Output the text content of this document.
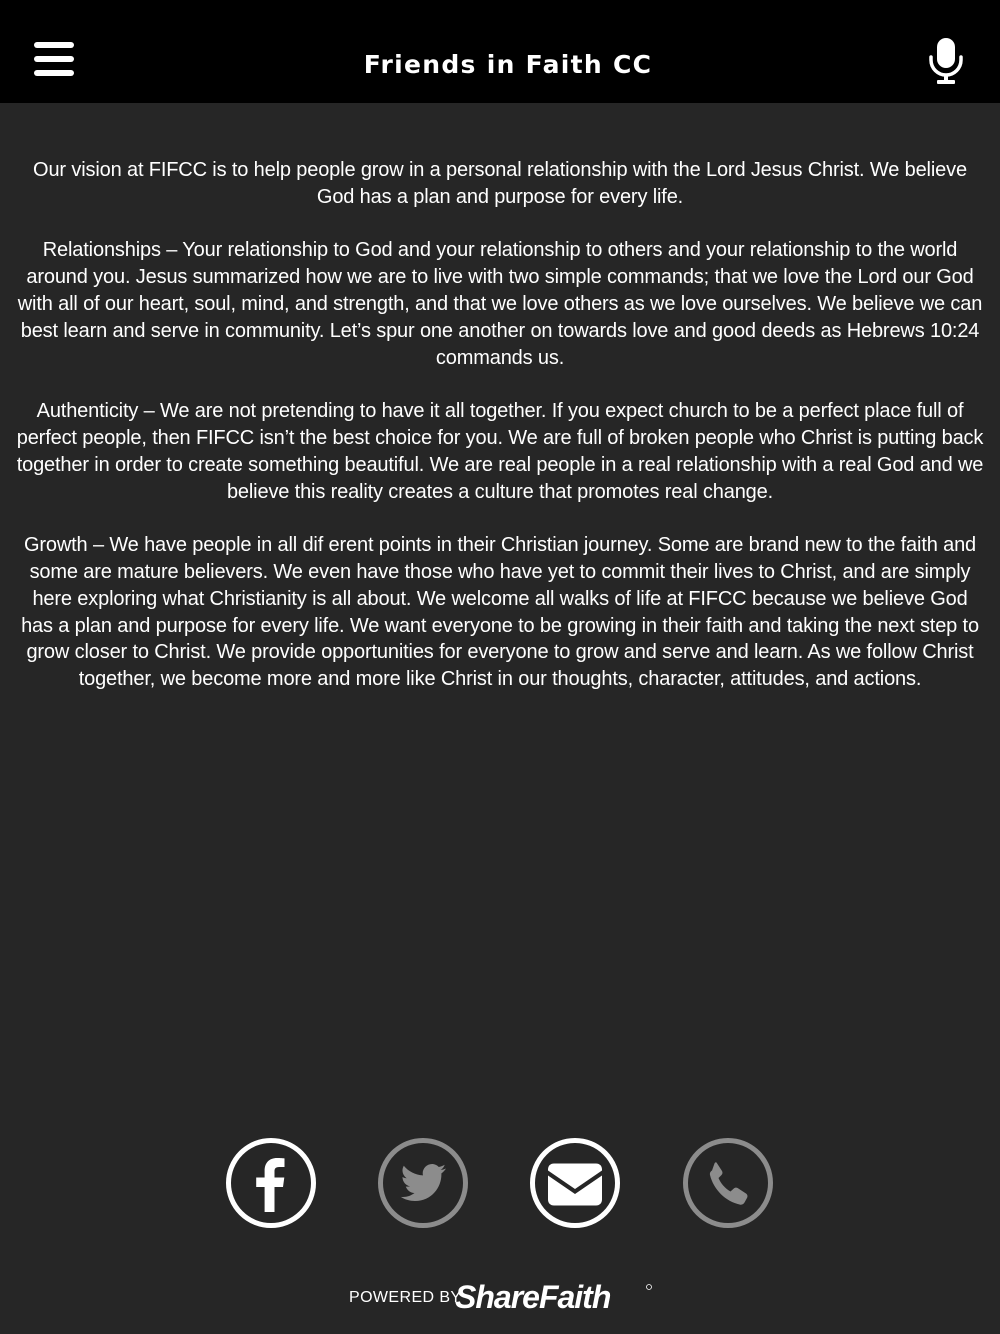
Friends in Faith CC

Our vision at FIFCC is to help people grow in a personal relationship with the Lord Jesus Christ. We believe God has a plan and purpose for every life.

Relationships – Your relationship to God and your relationship to others and your relationship to the world around you. Jesus summarized how we are to live with two simple commands; that we love the Lord our God with all of our heart, soul, mind, and strength, and that we love others as we love ourselves. We believe we can best learn and serve in community. Let’s spur one another on towards love and good deeds as Hebrews 10:24 commands us.

Authenticity – We are not pretending to have it all together. If you expect church to be a perfect place full of perfect people, then FIFCC isn’t the best choice for you. We are full of broken people who Christ is putting back together in order to create something beautiful. We are real people in a real relationship with a real God and we believe this reality creates a culture that promotes real change.

Growth – We have people in all dif erent points in their Christian journey. Some are brand new to the faith and some are mature believers. We even have those who have yet to commit their lives to Christ, and are simply here exploring what Christianity is all about. We welcome all walks of life at FIFCC because we believe God has a plan and purpose for every life. We want everyone to be growing in their faith and taking the next step to grow closer to Christ. We provide opportunities for everyone to grow and serve and learn. As we follow Christ together, we become more and more like Christ in our thoughts, character, attitudes, and actions.

POWERED BY
ShareFaith
